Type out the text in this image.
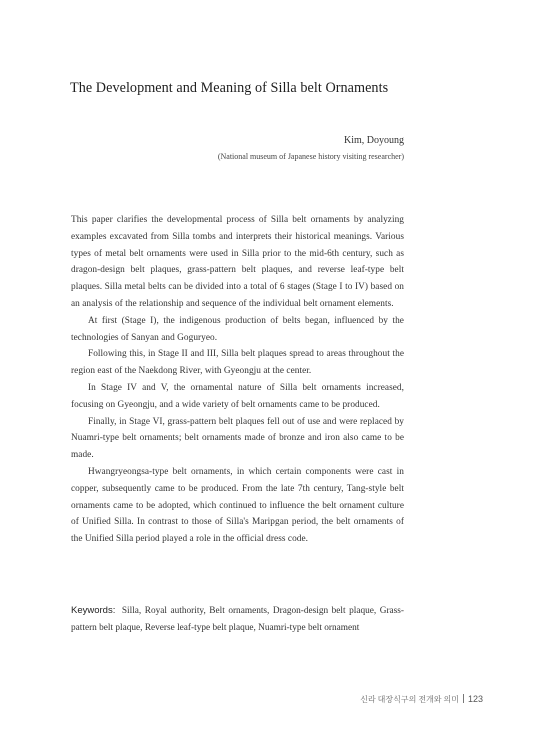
The Development and Meaning of Silla belt Ornaments
Kim, Doyoung
(National museum of Japanese history visiting researcher)

This paper clarifies the developmental process of Silla belt ornaments by analyzing examples excavated from Silla tombs and interprets their historical meanings. Various types of metal belt ornaments were used in Silla prior to the mid-6th century, such as dragon-design belt plaques, grass-pattern belt plaques, and reverse leaf-type belt plaques. Silla metal belts can be divided into a total of 6 stages (Stage I to IV) based on an analysis of the relationship and sequence of the individual belt ornament elements.

At first (Stage I), the indigenous production of belts began, influenced by the technologies of Sanyan and Goguryeo.

Following this, in Stage II and III, Silla belt plaques spread to areas throughout the region east of the Naekdong River, with Gyeongju at the center.

In Stage IV and V, the ornamental nature of Silla belt ornaments increased, focusing on Gyeongju, and a wide variety of belt ornaments came to be produced.

Finally, in Stage VI, grass-pattern belt plaques fell out of use and were replaced by Nuamri-type belt ornaments; belt ornaments made of bronze and iron also came to be made.

Hwangryeongsa-type belt ornaments, in which certain components were cast in copper, subsequently came to be produced. From the late 7th century, Tang-style belt ornaments came to be adopted, which continued to influence the belt ornament culture of Unified Silla. In contrast to those of Silla's Maripgan period, the belt ornaments of the Unified Silla period played a role in the official dress code.

Keywords: Silla, Royal authority, Belt ornaments, Dragon-design belt plaque, Grass-pattern belt plaque, Reverse leaf-type belt plaque, Nuamri-type belt ornament
신라 대장식구의 전개와 의미 123
